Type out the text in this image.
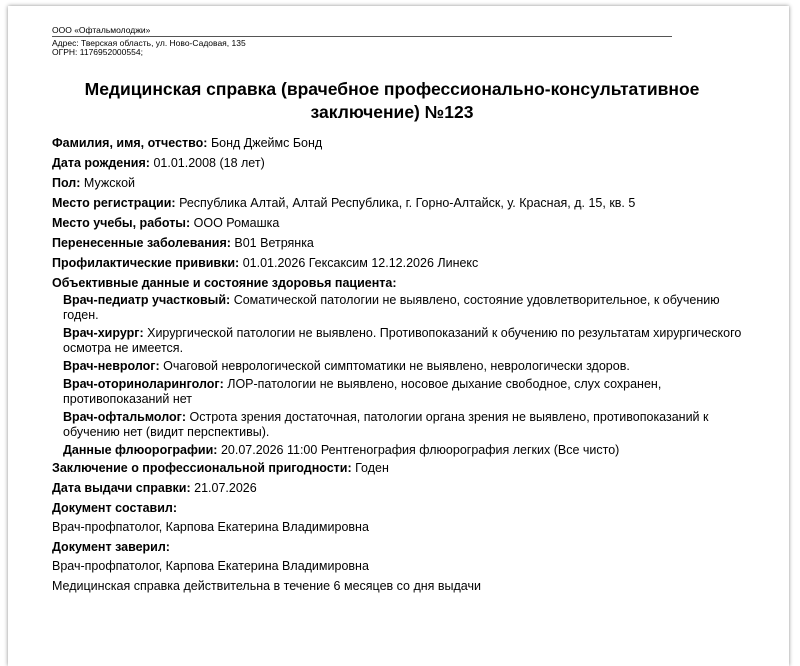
ООО «Офтальмолоджи»
Адрес: Тверская область, ул. Ново-Садовая, 135
ОГРН: 1176952000554;
Медицинская справка (врачебное профессионально-консультативное заключение) №123
Фамилия, имя, отчество: Бонд Джеймс Бонд
Дата рождения: 01.01.2008 (18 лет)
Пол: Мужской
Место регистрации: Республика Алтай, Алтай Республика, г. Горно-Алтайск, у. Красная, д. 15, кв. 5
Место учебы, работы: ООО Ромашка
Перенесенные заболевания: В01 Ветрянка
Профилактические прививки: 01.01.2026 Гексаксим 12.12.2026 Линекс
Объективные данные и состояние здоровья пациента:
Врач-педиатр участковый: Соматической патологии не выявлено, состояние удовлетворительное, к обучению годен.
Врач-хирург: Хирургической патологии не выявлено. Противопоказаний к обучению по результатам хирургического осмотра не имеется.
Врач-невролог: Очаговой неврологической симптоматики не выявлено, неврологически здоров.
Врач-оториноларинголог: ЛОР-патологии не выявлено, носовое дыхание свободное, слух сохранен, противопоказаний нет
Врач-офтальмолог: Острота зрения достаточная, патологии органа зрения не выявлено, противопоказаний к обучению нет (видит перспективы).
Данные флюорографии: 20.07.2026 11:00 Рентгенография флюорография легких (Все чисто)
Заключение о профессиональной пригодности: Годен
Дата выдачи справки: 21.07.2026
Документ составил:
Врач-профпатолог, Карпова Екатерина Владимировна
Документ заверил:
Врач-профпатолог, Карпова Екатерина Владимировна
Медицинская справка действительна в течение 6 месяцев со дня выдачи
